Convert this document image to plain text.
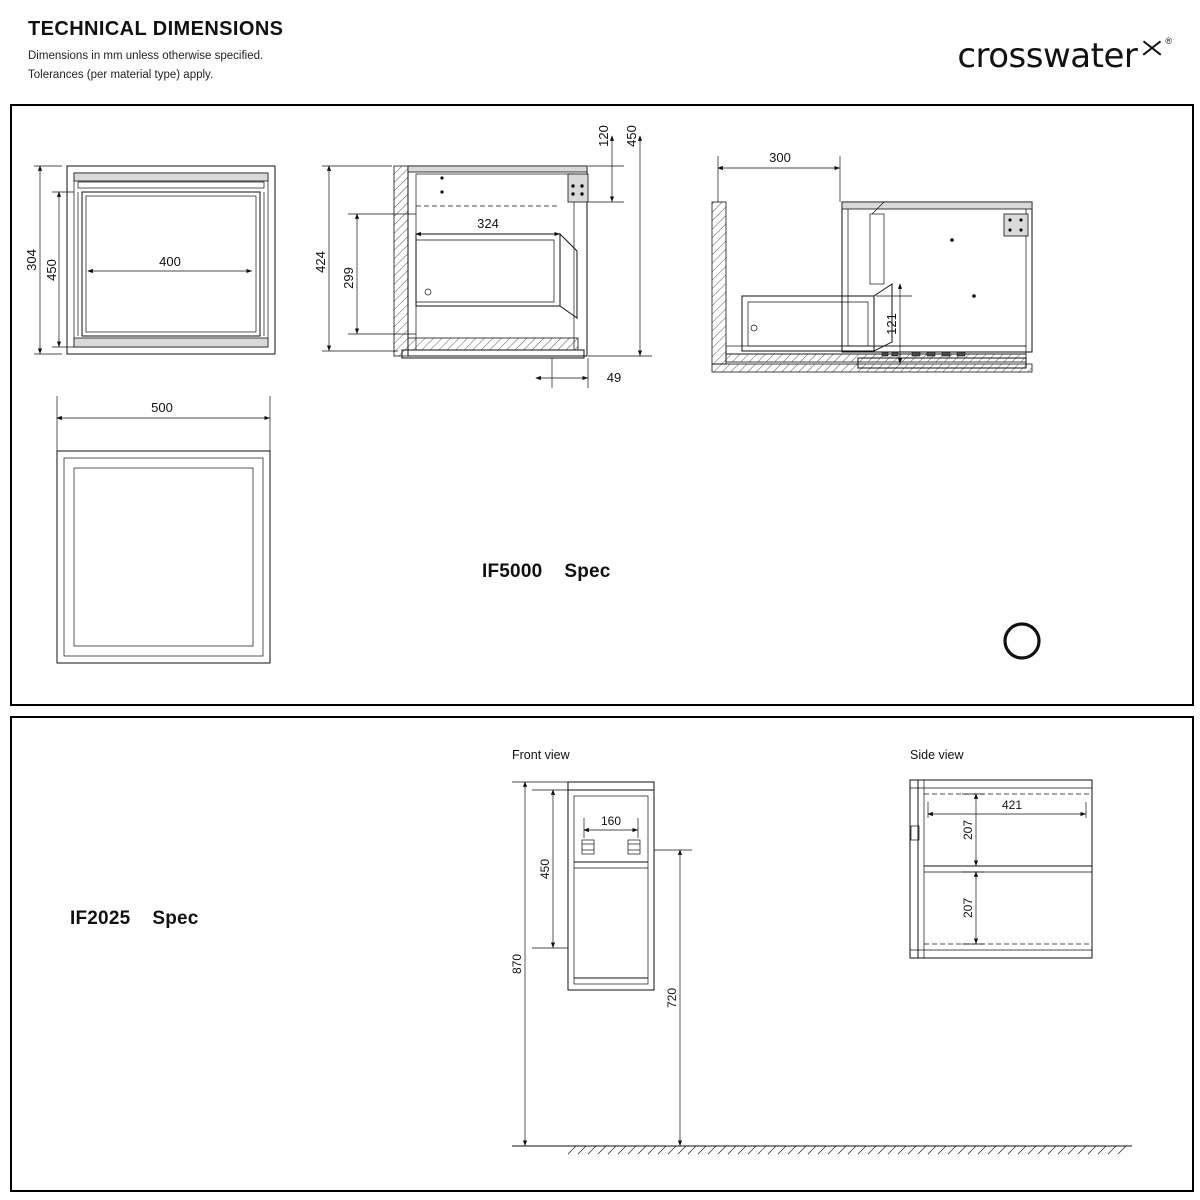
TECHNICAL DIMENSIONS
Dimensions in mm unless otherwise specified.
Tolerances (per material type) apply.	crosswater	®
IF5000 Spec
304 450	400	424
299
324
120 450
49
300
121
500
IF2025 Spec
Front view	Side view
160
450
870
720
421
207
207
